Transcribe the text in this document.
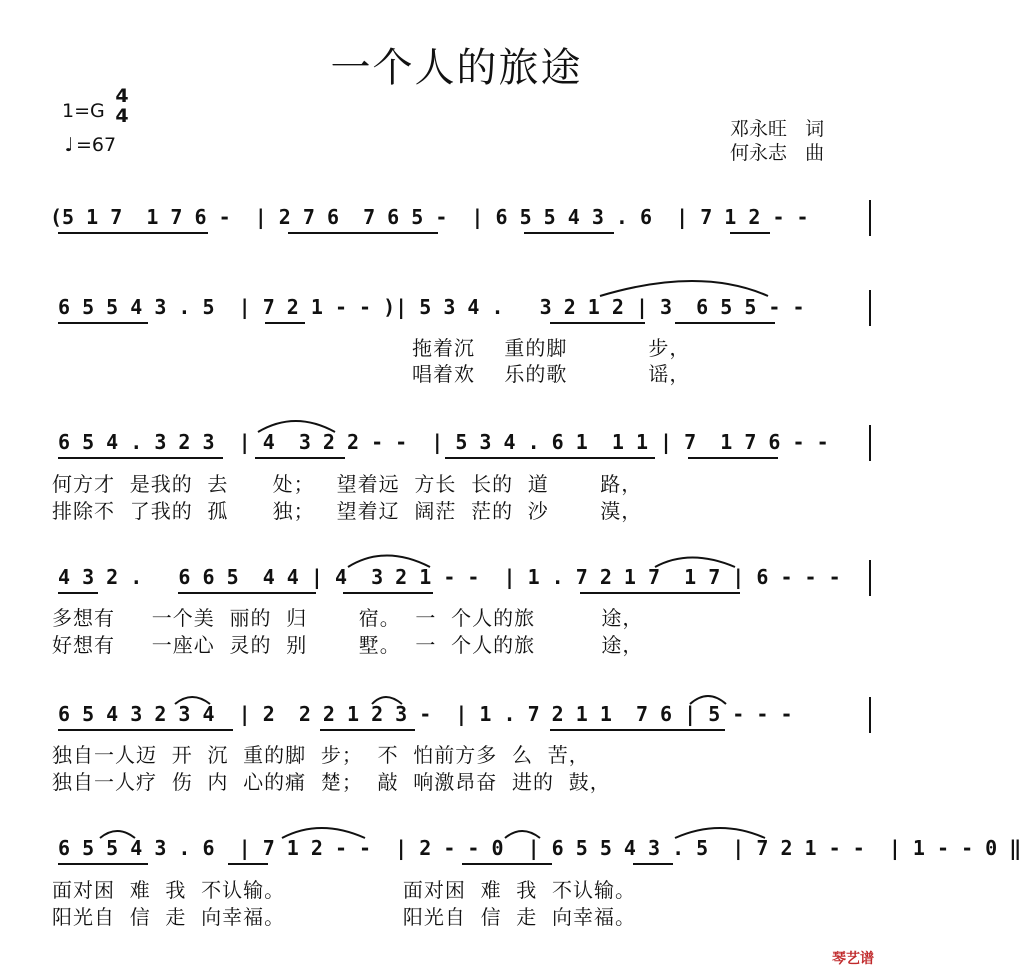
一个人的旅途
1=G
4
4
♩ =67
邓永旺 词
何永志 曲
(5 1 7  1 7 6 -  | 2 7 6  7 6 5 -  | 6 5 5 4 3 . 6  | 7 1 2 - -
6 5 5 4 3 . 5  | 7 2 1 - - )| 5 3 4 .   3 2 1 2 | 3  6 5 5 - -
拖着沉    重的脚           步，
唱着欢    乐的歌           谣，
6 5 4 . 3 2 3  | 4  3 2 2 - -  | 5 3 4 . 6 1  1 1 | 7  1 7 6 - -
何方才  是我的  去      处；   望着远  方长  长的  道       路，
排除不  了我的  孤      独；   望着辽  阔茫  茫的  沙       漠，
4 3 2 .   6 6 5  4 4 | 4  3 2 1 - -  | 1 . 7 2 1 7  1 7 | 6 - - -
多想有     一个美  丽的  归       宿。  一  个人的旅         途，
好想有     一座心  灵的  别       墅。  一  个人的旅         途，
6 5 4 3 2 3 4  | 2  2 2 1 2 3 -  | 1 . 7 2 1 1  7 6 | 5 - - -
独自一人迈  开  沉  重的脚  步；  不  怕前方多  么  苦，
独自一人疗  伤  内  心的痛  楚；  敲  响激昂奋  进的  鼓，
6 5 5 4 3 . 6  | 7 1 2 - -  | 2 - - 0  | 6 5 5 4 3 . 5  | 7 2 1 - -  | 1 - - 0 ‖
面对困  难  我  不认输。                面对困  难  我  不认输。
阳光自  信  走  向幸福。                阳光自  信  走  向幸福。
琴艺谱
